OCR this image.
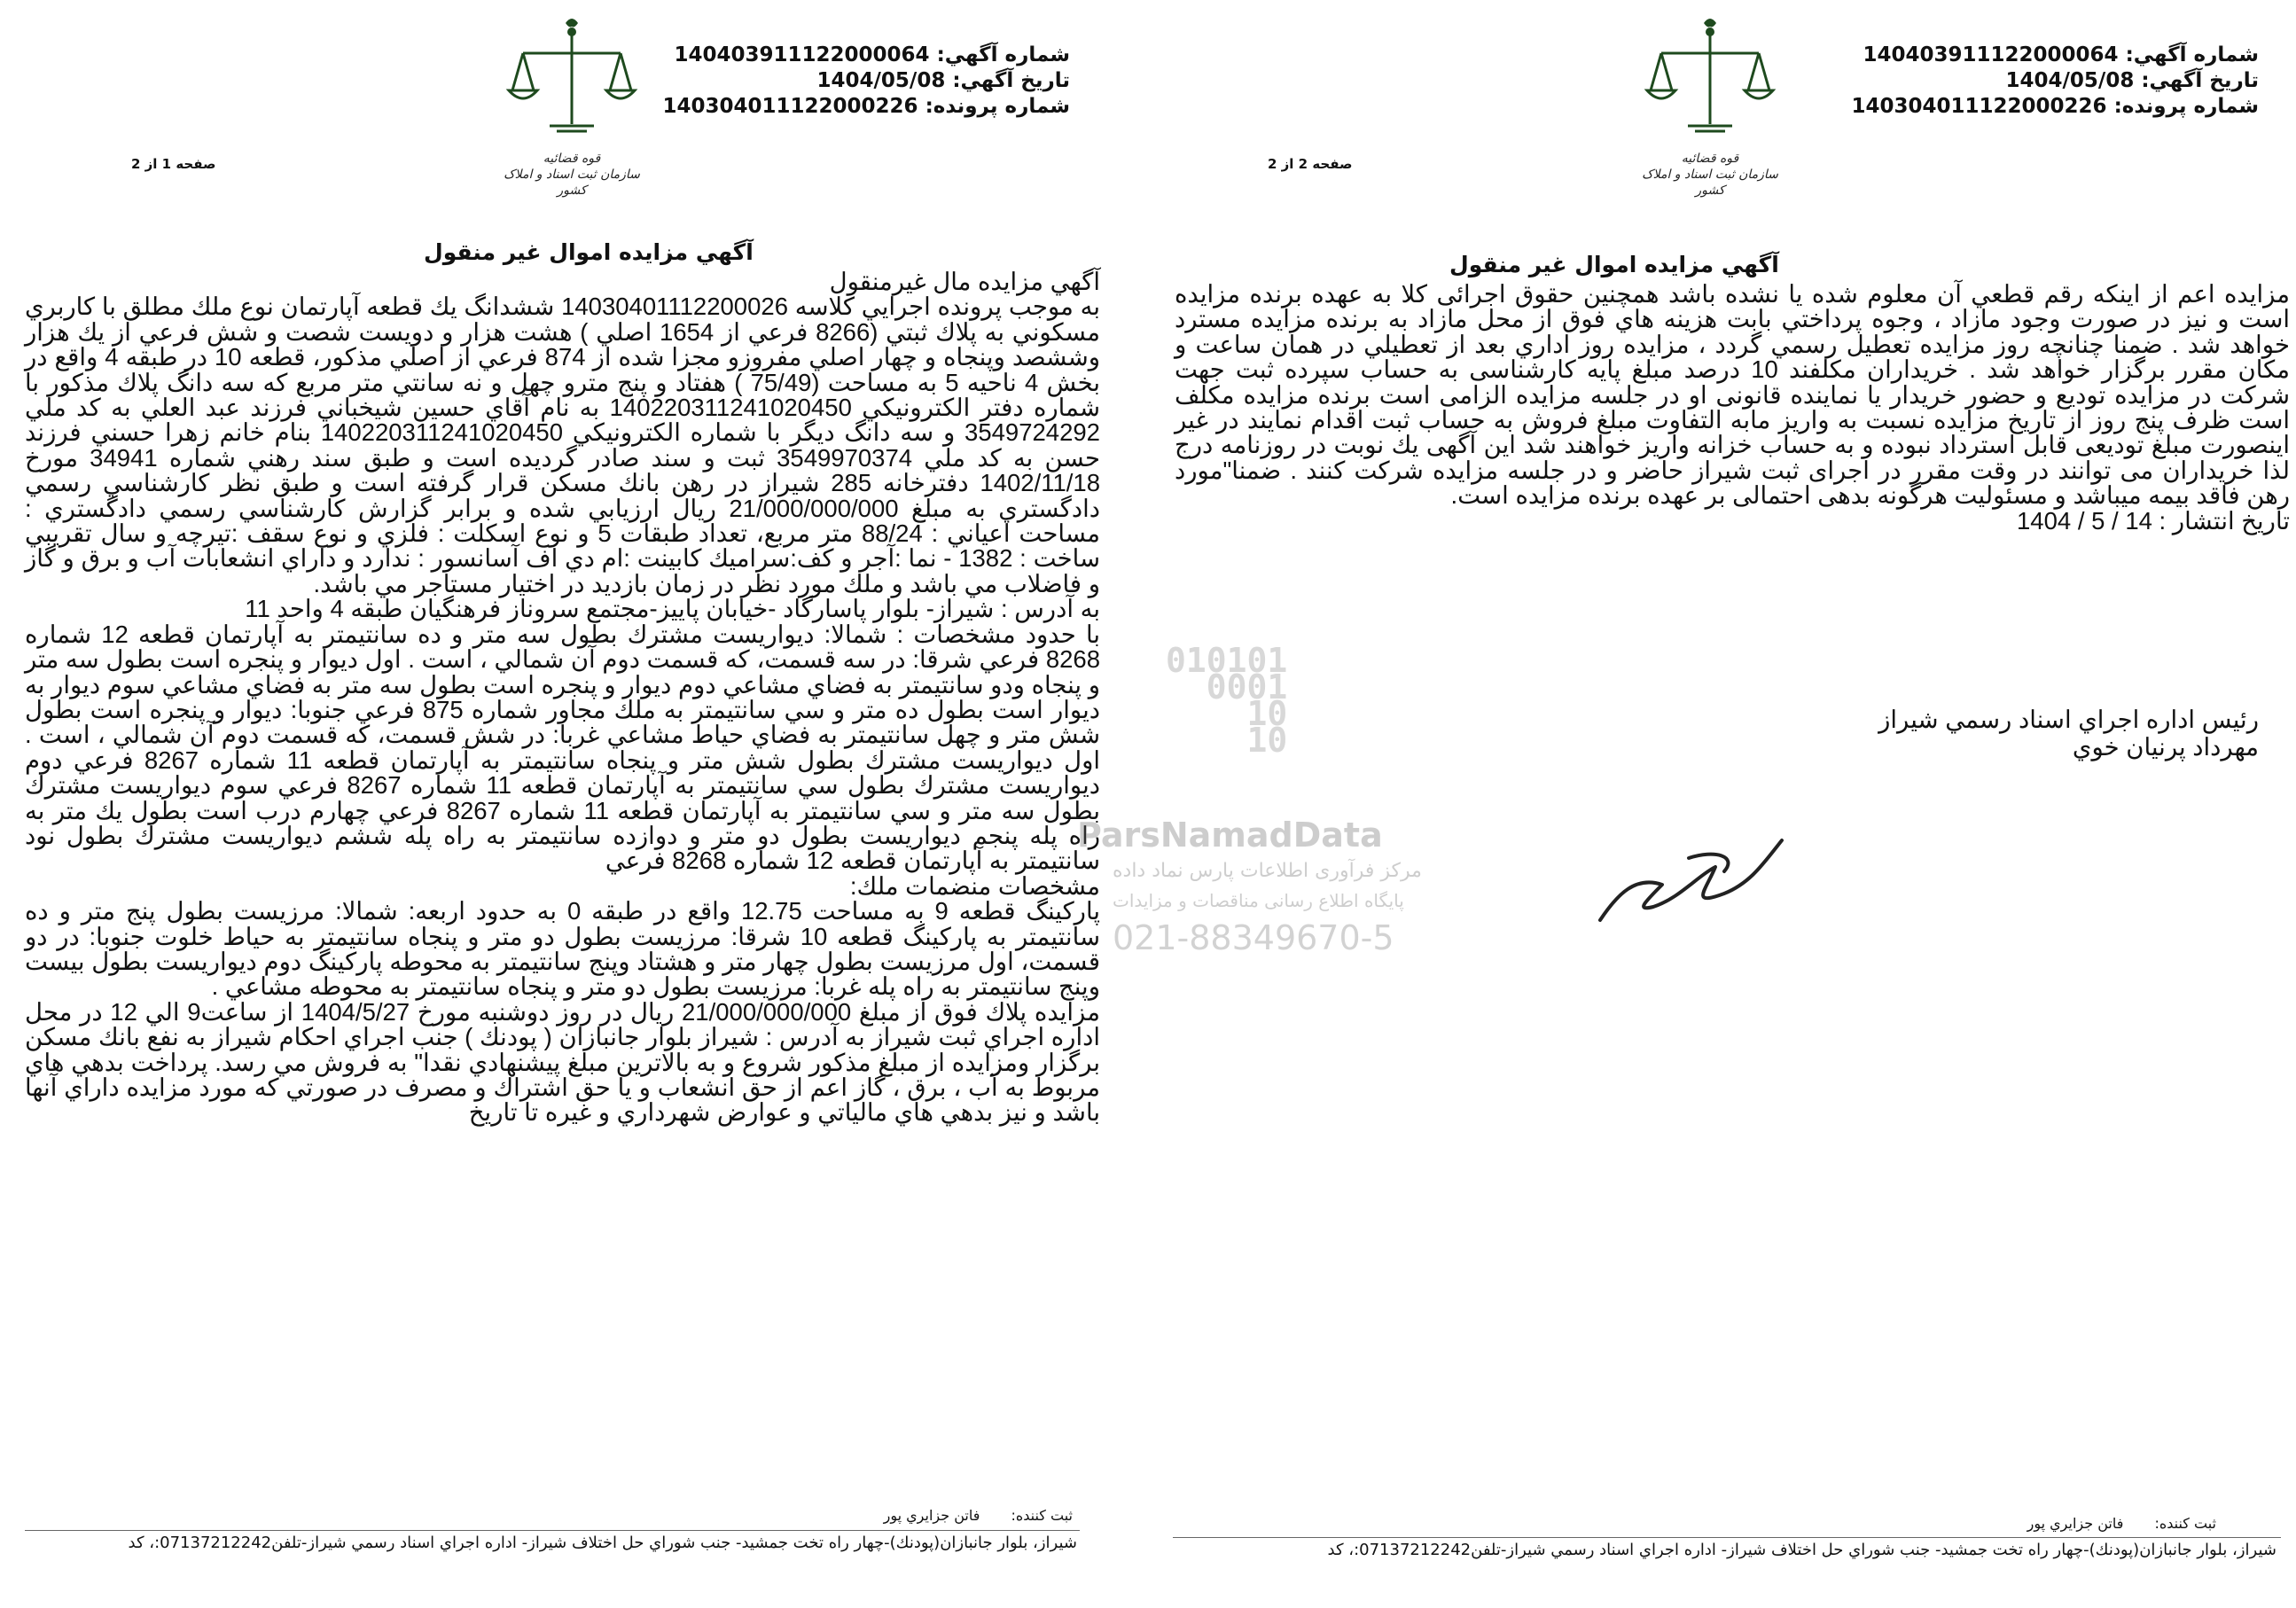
قوه قضائیه
سازمان ثبت اسناد و املاک کشور
شماره آگهي: 140403911122000064
تاريخ آگهي: 1404/05/08
شماره پرونده: 140304011122000226
صفحه 1 از 2
آگهي مزايده اموال غير منقول

آگهي مزايده مال غيرمنقول

به موجب پرونده اجرايي كلاسه 14030401112200026 ششدانگ يك قطعه آپارتمان نوع ملك مطلق با كاربري مسكوني به پلاك ثبتي (8266 فرعي از 1654 اصلي ) هشت هزار و دويست شصت و شش فرعي از يك هزار وششصد وپنجاه و چهار اصلي مفروزو مجزا شده از 874 فرعي از اصلي مذكور، قطعه 10 در طبقه 4 واقع در بخش 4 ناحيه 5 به مساحت (75/49 ) هفتاد و پنج مترو چهل و نه سانتي متر مربع كه سه دانگ پلاك مذكور با شماره دفتر الكترونيكي 140220311241020450 به نام آقاي حسين شيخباني فرزند عبد العلي به كد ملي 3549724292 و سه دانگ ديگر با شماره الكترونيكي 140220311241020450 بنام خانم زهرا حسني فرزند حسن به كد ملي 3549970374 ثبت و سند صادر گرديده است و طبق سند رهني شماره 34941 مورخ 1402/11/18 دفترخانه 285 شيراز در رهن بانك مسكن قرار گرفته است و طبق نظر كارشناسي رسمي دادگستري به مبلغ 21/000/000/000 ريال ارزيابي شده و برابر گزارش كارشناسي رسمي دادگستري : مساحت اعياني : 88/24 متر مربع، تعداد طبقات 5 و نوع اسكلت : فلزي و نوع سقف :تيرچه و سال تقريبي ساخت : 1382 - نما :آجر و كف:سراميك كابينت :ام دي اف آسانسور : ندارد و داراي انشعابات آب و برق و گاز و فاضلاب مي باشد و ملك مورد نظر در زمان بازديد در اختيار مستاجر مي باشد.

به آدرس : شيراز- بلوار پاسارگاد -خيابان پاييز-مجتمع سروناز فرهنگيان طبقه 4 واحد 11

با حدود مشخصات : شمالا: ديواريست مشترك بطول سه متر و ده سانتيمتر به آپارتمان قطعه 12 شماره 8268 فرعي شرقا: در سه قسمت، كه قسمت دوم آن شمالي ، است . اول ديوار و پنجره است بطول سه متر و پنجاه ودو سانتيمتر به فضاي مشاعي دوم ديوار و پنجره است بطول سه متر به فضاي مشاعي سوم ديوار به ديوار است بطول ده متر و سي سانتيمتر به ملك مجاور شماره 875 فرعي جنوبا: ديوار و پنجره است بطول شش متر و چهل سانتيمتر به فضاي حياط مشاعي غربا: در شش قسمت، كه قسمت دوم آن شمالي ، است . اول ديواريست مشترك بطول شش متر و پنجاه سانتيمتر به آپارتمان قطعه 11 شماره 8267 فرعي دوم ديواريست مشترك بطول سي سانتيمتر به آپارتمان قطعه 11 شماره 8267 فرعي سوم ديواريست مشترك بطول سه متر و سي سانتيمتر به آپارتمان قطعه 11 شماره 8267 فرعي چهارم درب است بطول يك متر به راه پله پنجم ديواريست بطول دو متر و دوازده سانتيمتر به راه پله ششم ديواريست مشترك بطول نود سانتيمتر به آپارتمان قطعه 12 شماره 8268 فرعي

مشخصات منضمات ملك:

پاركينگ قطعه 9 به مساحت 12.75 واقع در طبقه 0 به حدود اربعه: شمالا: مرزيست بطول پنج متر و ده سانتيمتر به پاركينگ قطعه 10 شرقا: مرزيست بطول دو متر و پنجاه سانتيمتر به حياط خلوت جنوبا: در دو قسمت، اول مرزيست بطول چهار متر و هشتاد وپنج سانتيمتر به محوطه پاركينگ دوم ديواريست بطول بيست وپنج سانتيمتر به راه پله غربا: مرزيست بطول دو متر و پنجاه سانتيمتر به محوطه مشاعي .

مزايده پلاك فوق از مبلغ 21/000/000/000 ريال در روز دوشنبه مورخ 1404/5/27 از ساعت9 الي 12 در محل اداره اجراي ثبت شيراز به آدرس : شيراز بلوار جانبازان ( پودنك ) جنب اجراي احكام شيراز به نفع بانك مسكن برگزار ومزايده از مبلغ مذكور شروع و به بالاترين مبلغ پيشنهادي نقدا" به فروش مي رسد. پرداخت بدهي هاي مربوط به آب ، برق ، گاز اعم از حق انشعاب و يا حق اشتراك و مصرف در صورتي كه مورد مزايده داراي آنها باشد و نيز بدهي هاي مالياتي و عوارض شهرداري و غيره تا تاريخ

ثبت كننده: فاتن جزايري پور
شيراز، بلوار جانبازان(پودنك)-چهار راه تخت جمشيد- جنب شوراي حل اختلاف شيراز- اداره اجراي اسناد رسمي شيراز-تلفن07137212242:، كد
قوه قضائیه
سازمان ثبت اسناد و املاک کشور
شماره آگهي: 140403911122000064
تاريخ آگهي: 1404/05/08
شماره پرونده: 140304011122000226
صفحه 2 از 2
آگهي مزايده اموال غير منقول

مزايده اعم از اينكه رقم قطعي آن معلوم شده يا نشده باشد همچنين حقوق اجرائی كلا به عهده برنده مزايده است و نيز در صورت وجود مازاد ، وجوه پرداختي بابت هزينه هاي فوق از محل مازاد به برنده مزايده مسترد خواهد شد . ضمنا چنانچه روز مزايده تعطيل رسمي گردد ، مزايده روز اداري بعد از تعطيلي در همان ساعت و مكان مقرر برگزار خواهد شد . خريداران مكلفند 10 درصد مبلغ پايه كارشناسی به حساب سپرده ثبت جهت شركت در مزايده توديع و حضور خريدار يا نماينده قانونی او در جلسه مزايده الزامی است برنده مزايده مكلف است ظرف پنج روز از تاريخ مزايده نسبت به واريز مابه التفاوت مبلغ فروش به حساب ثبت اقدام نمايند در غير اينصورت مبلغ توديعی قابل استرداد نبوده و به حساب خزانه واريز خواهند شد اين آگهی يك نوبت در روزنامه درج لذا خريداران می توانند در وقت مقرر در اجرای ثبت شيراز حاضر و در جلسه مزايده شركت كنند . ضمنا"مورد رهن فاقد بيمه ميباشد و مسئوليت هرگونه بدهی احتمالی بر عهده برنده مزايده است.

تاريخ انتشار : 14 / 5 / 1404

رئيس اداره اجراي اسناد رسمي شيراز
مهرداد پرنيان خوي
ثبت كننده: فاتن جزايري پور
شيراز، بلوار جانبازان(پودنك)-چهار راه تخت جمشيد- جنب شوراي حل اختلاف شيراز- اداره اجراي اسناد رسمي شيراز-تلفن07137212242:، كد
010101
0001
10
10
ParsNamadData
مرکز فرآوری اطلاعات پارس نماد داده
پایگاه اطلاع رسانی مناقصات و مزایدات
021-88349670-5
